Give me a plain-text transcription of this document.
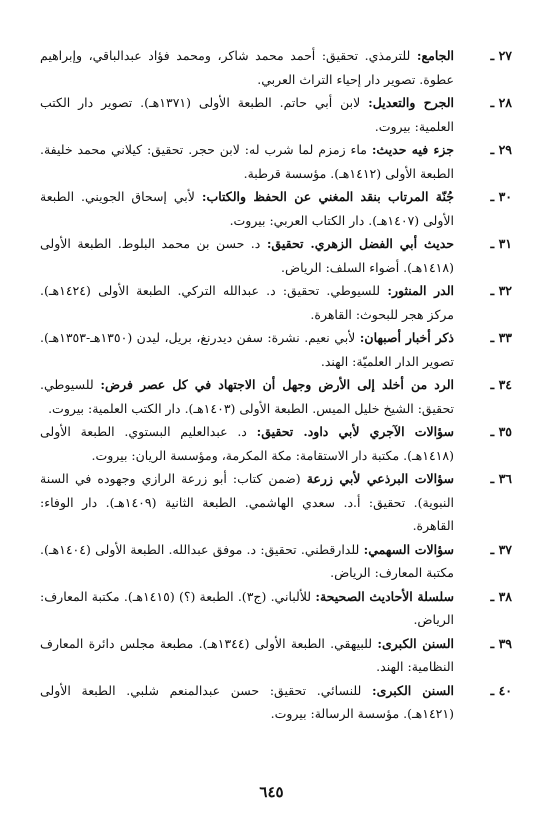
٢٧ ـ
الجامع: للترمذي. تحقيق: أحمد محمد شاكر، ومحمد فؤاد عبدالباقي، وإبراهيم عطوة. تصوير دار إحياء التراث العربي.
٢٨ ـ
الجرح والتعديل: لابن أبي حاتم. الطبعة الأولى (١٣٧١هـ). تصوير دار الكتب العلمية: بيروت.
٢٩ ـ
جزء فيه حديث: ماء زمزم لما شرب له: لابن حجر. تحقيق: كيلاني محمد خليفة. الطبعة الأولى (١٤١٢هـ). مؤسسة قرطبة.
٣٠ ـ
جُنّة المرتاب بنقد المغني عن الحفظ والكتاب: لأبي إسحاق الجويني. الطبعة الأولى (١٤٠٧هـ). دار الكتاب العربي: بيروت.
٣١ ـ
حديث أبي الفضل الزهري. تحقيق: د. حسن بن محمد البلوط. الطبعة الأولى (١٤١٨هـ). أضواء السلف: الرياض.
٣٢ ـ
الدر المنثور: للسيوطي. تحقيق: د. عبدالله التركي. الطبعة الأولى (١٤٢٤هـ). مركز هجر للبحوث: القاهرة.
٣٣ ـ
ذكر أخبار أصبهان: لأبي نعيم. نشرة: سفن ديدرنغ، بريل، ليدن (١٣٥٠هـ-١٣٥٣هـ). تصوير الدار العلميّة: الهند.
٣٤ ـ
الرد من أخلد إلى الأرض وجهل أن الاجتهاد في كل عصر فرض: للسيوطي. تحقيق: الشيخ خليل الميس. الطبعة الأولى (١٤٠٣هـ). دار الكتب العلمية: بيروت.
٣٥ ـ
سؤالات الآجري لأبي داود. تحقيق: د. عبدالعليم البستوي. الطبعة الأولى (١٤١٨هـ). مكتبة دار الاستقامة: مكة المكرمة، ومؤسسة الريان: بيروت.
٣٦ ـ
سؤالات البرذعي لأبي زرعة (ضمن كتاب: أبو زرعة الرازي وجهوده في السنة النبوية). تحقيق: أ.د. سعدي الهاشمي. الطبعة الثانية (١٤٠٩هـ). دار الوفاء: القاهرة.
٣٧ ـ
سؤالات السهمي: للدارقطني. تحقيق: د. موفق عبدالله. الطبعة الأولى (١٤٠٤هـ). مكتبة المعارف: الرياض.
٣٨ ـ
سلسلة الأحاديث الصحيحة: للألباني. (ج٣). الطبعة (؟) (١٤١٥هـ). مكتبة المعارف: الرياض.
٣٩ ـ
السنن الكبرى: للبيهقي. الطبعة الأولى (١٣٤٤هـ). مطبعة مجلس دائرة المعارف النظامية: الهند.
٤٠ ـ
السنن الكبرى: للنسائي. تحقيق: حسن عبدالمنعم شلبي. الطبعة الأولى (١٤٢١هـ). مؤسسة الرسالة: بيروت.
٦٤٥
